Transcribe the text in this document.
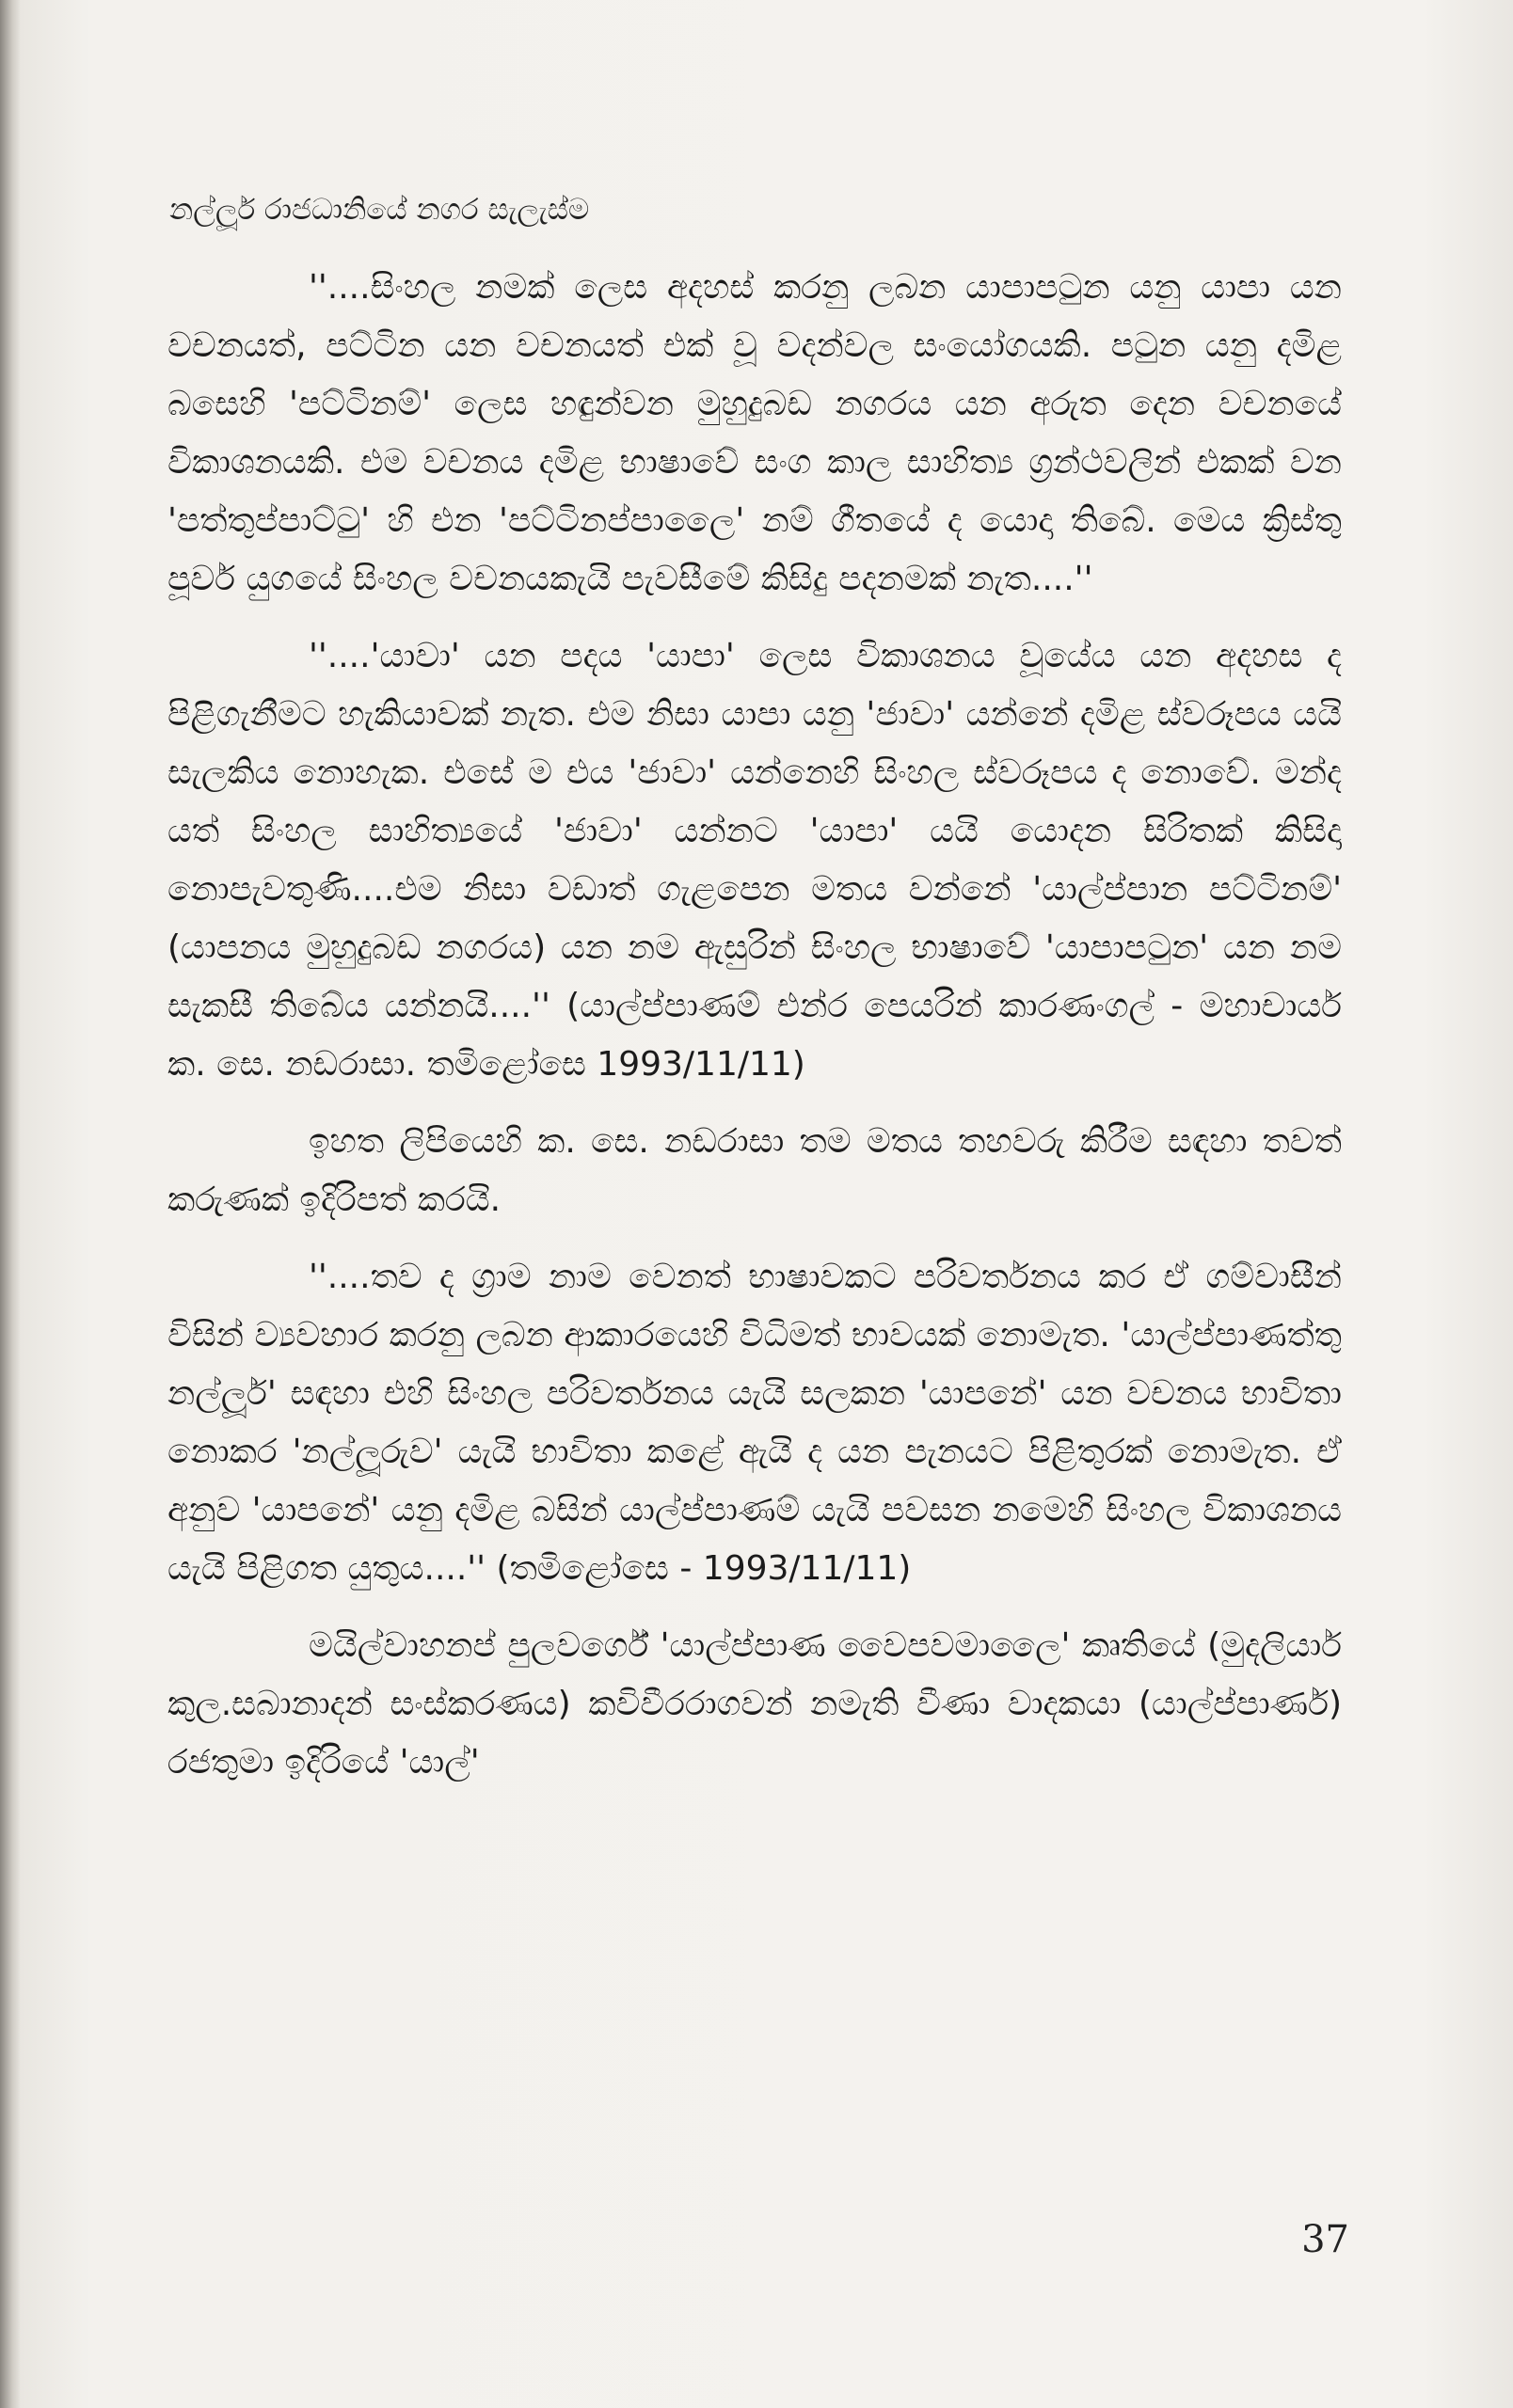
නල්ලූර් රාජධානියේ නගර සැලැස්ම

''....සිංහල නමක් ලෙස අදහස් කරනු ලබන යාපාපටුන යනු යාපා යන වචනයත්, පට්ටින යන වචනයත් එක් වූ වදන්වල සංයෝගයකි. පටුන යනු දමිළ බසෙහි 'පට්ටිනම්' ලෙස හඳුන්වන මුහුදුබඩ නගරය යන අරුත දෙන වචනයේ විකාශනයකි. එම වචනය දමිළ භාෂාවේ සංග කාල සාහිත්‍ය ග්‍රන්ථවලින් එකක් වන 'පත්තුප්පාට්ටු' හි එන 'පට්ටිනප්පාලෛ' නම් ගීතයේ ද යොදා තිබේ. මෙය ක්‍රිස්තු පූර්ව යුගයේ සිංහල වචනයකැයි පැවසීමේ කිසිදු පදනමක් නැත....''

''....'යාවා' යන පදය 'යාපා' ලෙස විකාශනය වූයේය යන අදහස ද පිළිගැනීමට හැකියාවක් නැත. එම නිසා යාපා යනු 'ජාවා' යන්නේ දමිළ ස්වරූපය යයි සැලකිය නොහැක. එසේ ම එය 'ජාවා' යන්නෙහි සිංහල ස්වරූපය ද නොවේ. මන්ද යත් සිංහල සාහිත්‍යයේ 'ජාවා' යන්නට 'යාපා' යයි යොදන සිරිතක් කිසිදා නොපැවතුණි....එම නිසා වඩාත් ගැළපෙන මතය වන්නේ 'යාල්ප්පාන පට්ටිනම්' (යාපනය මුහුදුබඩ නගරය) යන නම ඇසුරින් සිංහල භාෂාවේ 'යාපාපටුන' යන නම සැකසී තිබේය යන්නයි....'' (යාල්ප්පාණම් එන්ර පෙයරින් කාරණංගල් - මහාචාර්ය ක. සෙ. නඩරාසා. තමිළෝසෙ 1993/11/11)

ඉහත ලිපියෙහි ක. සෙ. නඩරාසා තම මතය තහවරු කිරීම සඳහා තවත් කරුණක් ඉදිරිපත් කරයි.

''....තව ද ග්‍රාම නාම වෙනත් භාෂාවකට පරිවර්තනය කර ඒ ගම්වාසීන් විසින් ව්‍යවහාර කරනු ලබන ආකාරයෙහි විධිමත් භාවයක් නොමැත. 'යාල්ප්පාණත්තු නල්ලූර්' සඳහා එහි සිංහල පරිවර්තනය යැයි සලකන 'යාපනේ' යන වචනය භාවිතා නොකර 'නල්ලූරුව' යැයි භාවිතා කළේ ඇයි ද යන පැනයට පිළිතුරක් නොමැත. ඒ අනුව 'යාපනේ' යනු දමිළ බසින් යාල්ප්පාණම් යැයි පවසන නමෙහි සිංහල විකාශනය යැයි පිළිගත යුතුය....'' (තමිළෝසෙ - 1993/11/11)

මයිල්වාහනප් පුලවර්ගේ 'යාල්ප්පාණ වෛපවමාලෛ' කෘතියේ (මුදලියාර් කුල.සබානාදන් සංස්කරණය) කවිවීරරාගවන් නමැති වීණා වාදකයා (යාල්ප්පාණර්) රජතුමා ඉදිරියේ 'යාල්'

37
